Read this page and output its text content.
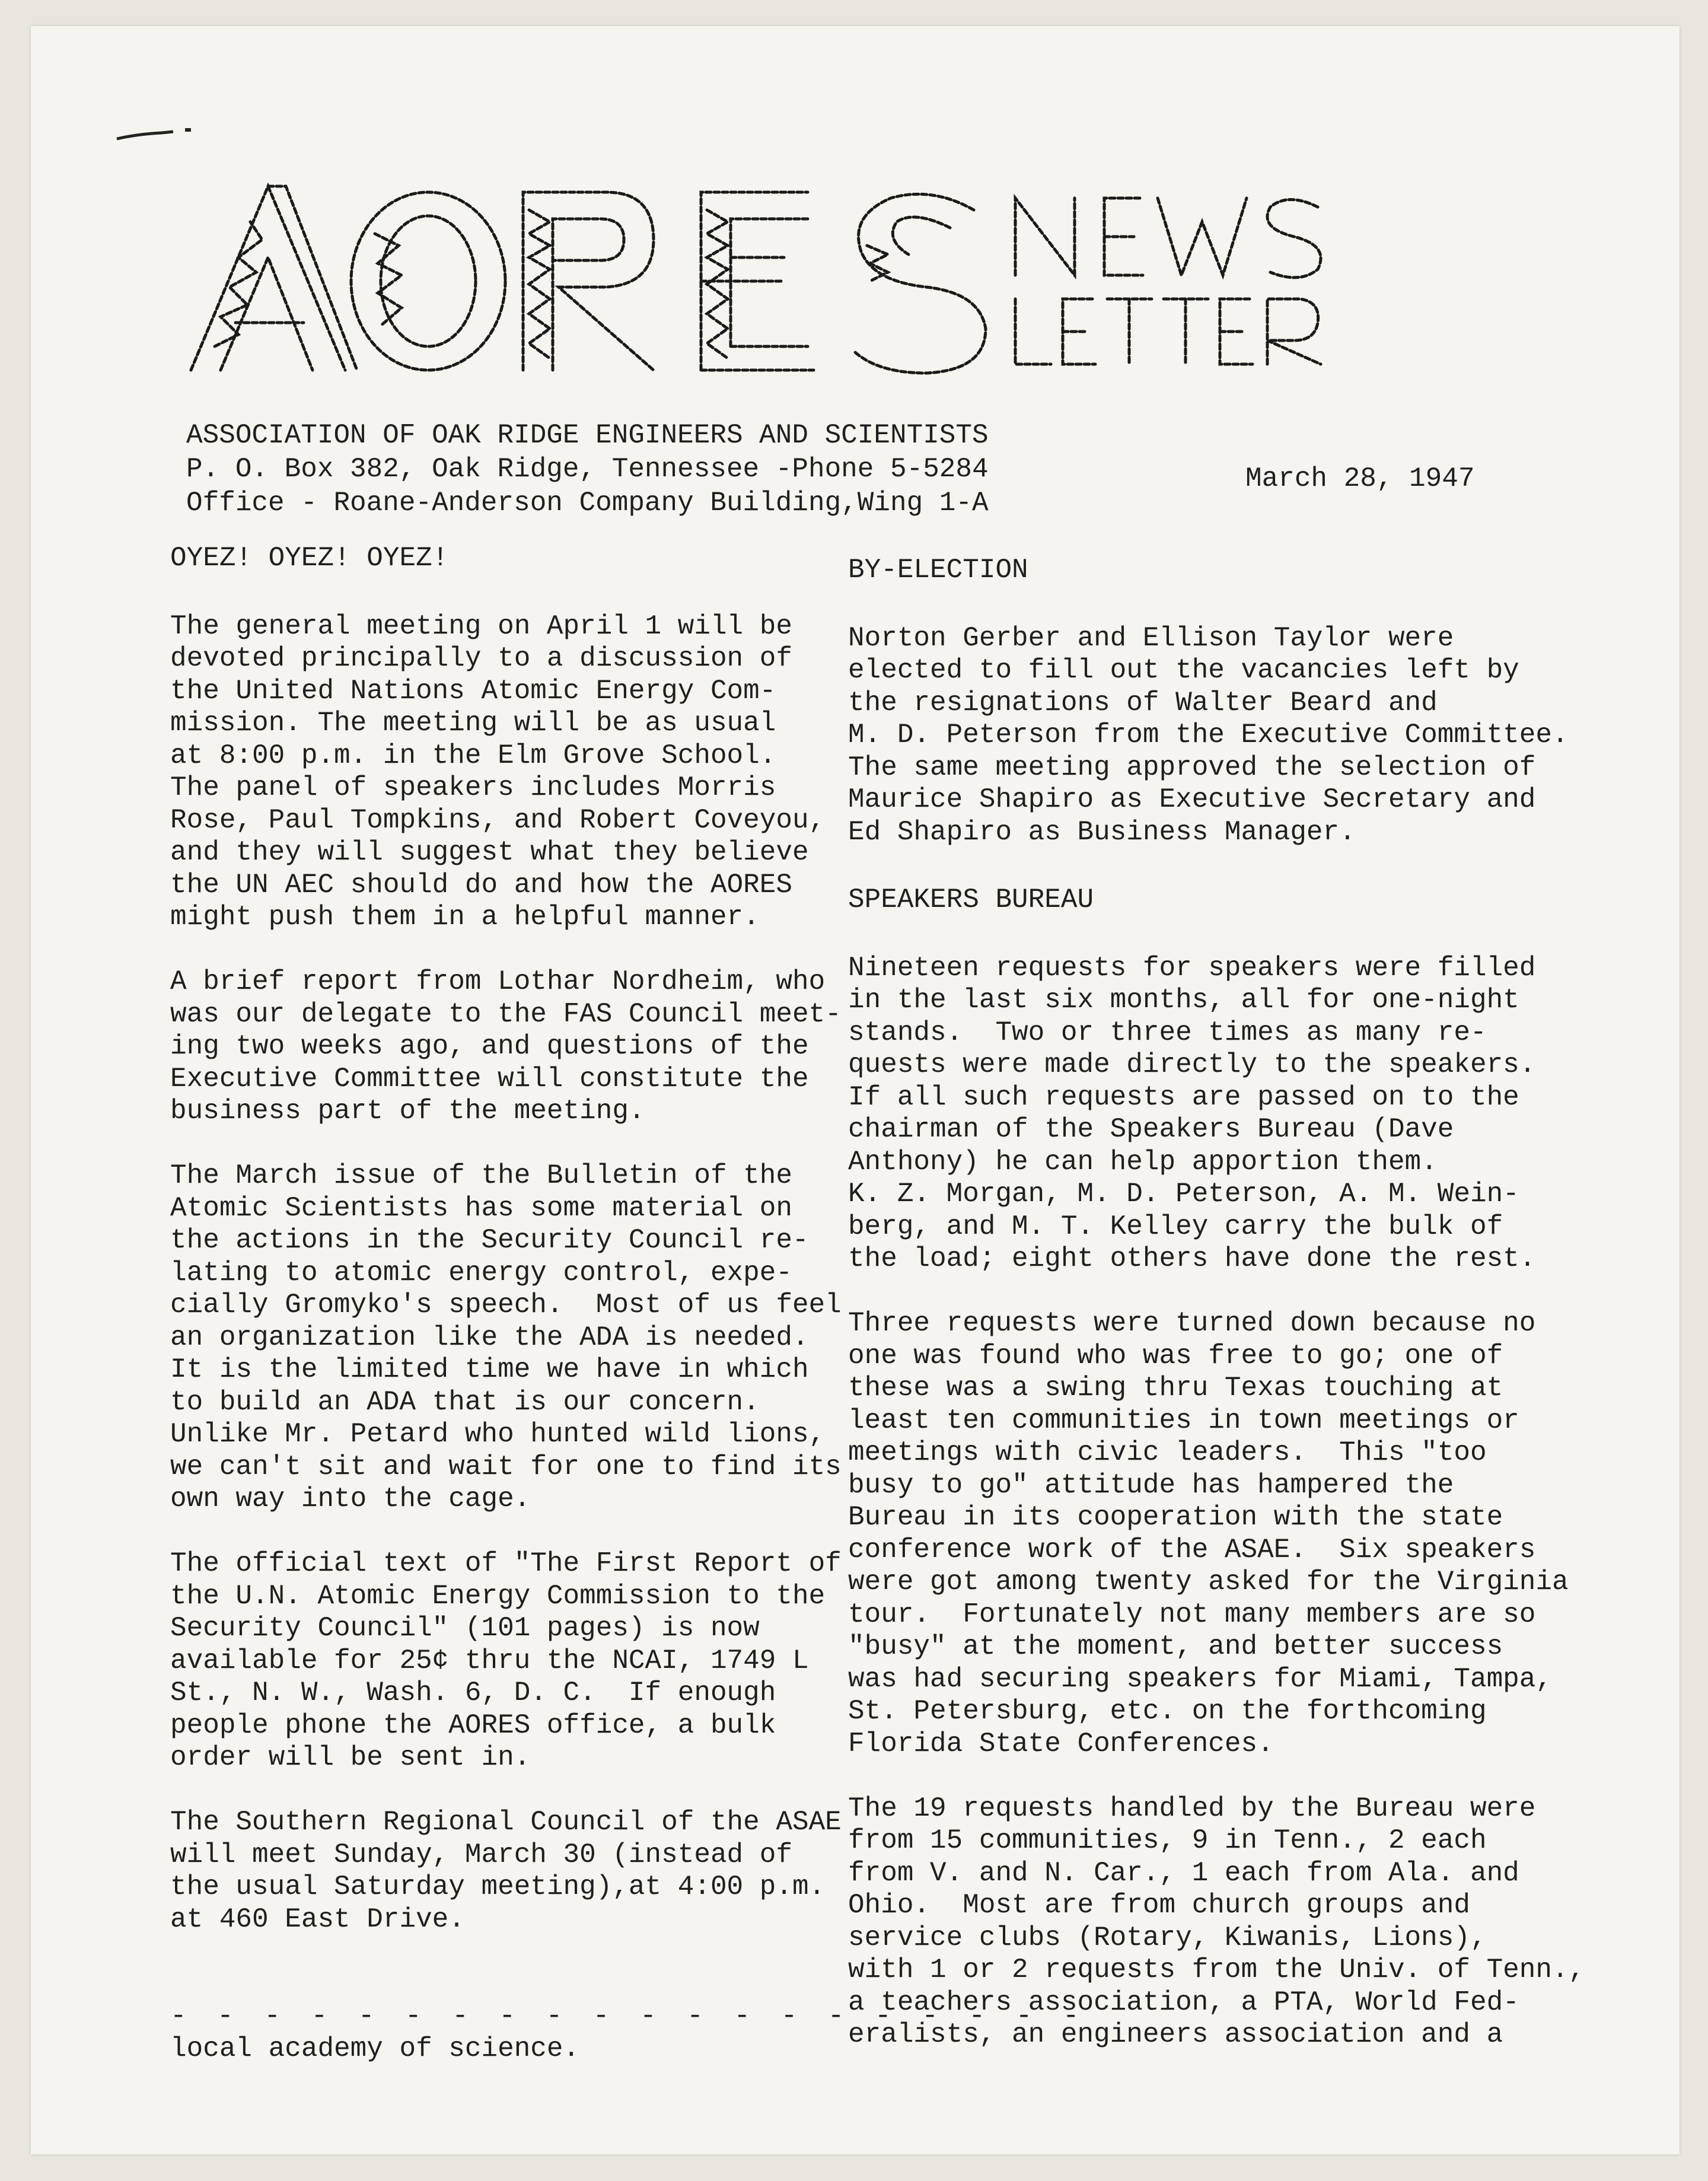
ASSOCIATION OF OAK RIDGE ENGINEERS AND SCIENTISTS
P. O. Box 382, Oak Ridge, Tennessee -Phone 5-5284
Office - Roane-Anderson Company Building,Wing 1-A
March 28, 1947
OYEZ! OYEZ! OYEZ!

The general meeting on April 1 will be

devoted principally to a discussion of

the United Nations Atomic Energy Com-

mission. The meeting will be as usual

at 8:00 p.m. in the Elm Grove School.

The panel of speakers includes Morris

Rose, Paul Tompkins, and Robert Coveyou,

and they will suggest what they believe

the UN AEC should do and how the AORES

might push them in a helpful manner.

A brief report from Lothar Nordheim, who

was our delegate to the FAS Council meet-

ing two weeks ago, and questions of the

Executive Committee will constitute the

business part of the meeting.

The March issue of the Bulletin of the

Atomic Scientists has some material on

the actions in the Security Council re-

lating to atomic energy control, expe-

cially Gromyko's speech.  Most of us feel

an organization like the ADA is needed.

It is the limited time we have in which

to build an ADA that is our concern.

Unlike Mr. Petard who hunted wild lions,

we can't sit and wait for one to find its

own way into the cage.

The official text of "The First Report of

the U.N. Atomic Energy Commission to the

Security Council" (101 pages) is now

available for 25¢ thru the NCAI, 1749 L

St., N. W., Wash. 6, D. C.  If enough

people phone the AORES office, a bulk

order will be sent in.

The Southern Regional Council of the ASAE

will meet Sunday, March 30 (instead of

the usual Saturday meeting),at 4:00 p.m.

at 460 East Drive.

- - - - - - - - - - - - - - - - - - - -

local academy of science.

BY-ELECTION

Norton Gerber and Ellison Taylor were

elected to fill out the vacancies left by

the resignations of Walter Beard and

M. D. Peterson from the Executive Committee.

The same meeting approved the selection of

Maurice Shapiro as Executive Secretary and

Ed Shapiro as Business Manager.

SPEAKERS BUREAU

Nineteen requests for speakers were filled

in the last six months, all for one-night

stands.  Two or three times as many re-

quests were made directly to the speakers.

If all such requests are passed on to the

chairman of the Speakers Bureau (Dave

Anthony) he can help apportion them.

K. Z. Morgan, M. D. Peterson, A. M. Wein-

berg, and M. T. Kelley carry the bulk of

the load; eight others have done the rest.

Three requests were turned down because no

one was found who was free to go; one of

these was a swing thru Texas touching at

least ten communities in town meetings or

meetings with civic leaders.  This "too

busy to go" attitude has hampered the

Bureau in its cooperation with the state

conference work of the ASAE.  Six speakers

were got among twenty asked for the Virginia

tour.  Fortunately not many members are so

"busy" at the moment, and better success

was had securing speakers for Miami, Tampa,

St. Petersburg, etc. on the forthcoming

Florida State Conferences.

The 19 requests handled by the Bureau were

from 15 communities, 9 in Tenn., 2 each

from V. and N. Car., 1 each from Ala. and

Ohio.  Most are from church groups and

service clubs (Rotary, Kiwanis, Lions),

with 1 or 2 requests from the Univ. of Tenn.,

a teachers association, a PTA, World Fed-

eralists, an engineers association and a
